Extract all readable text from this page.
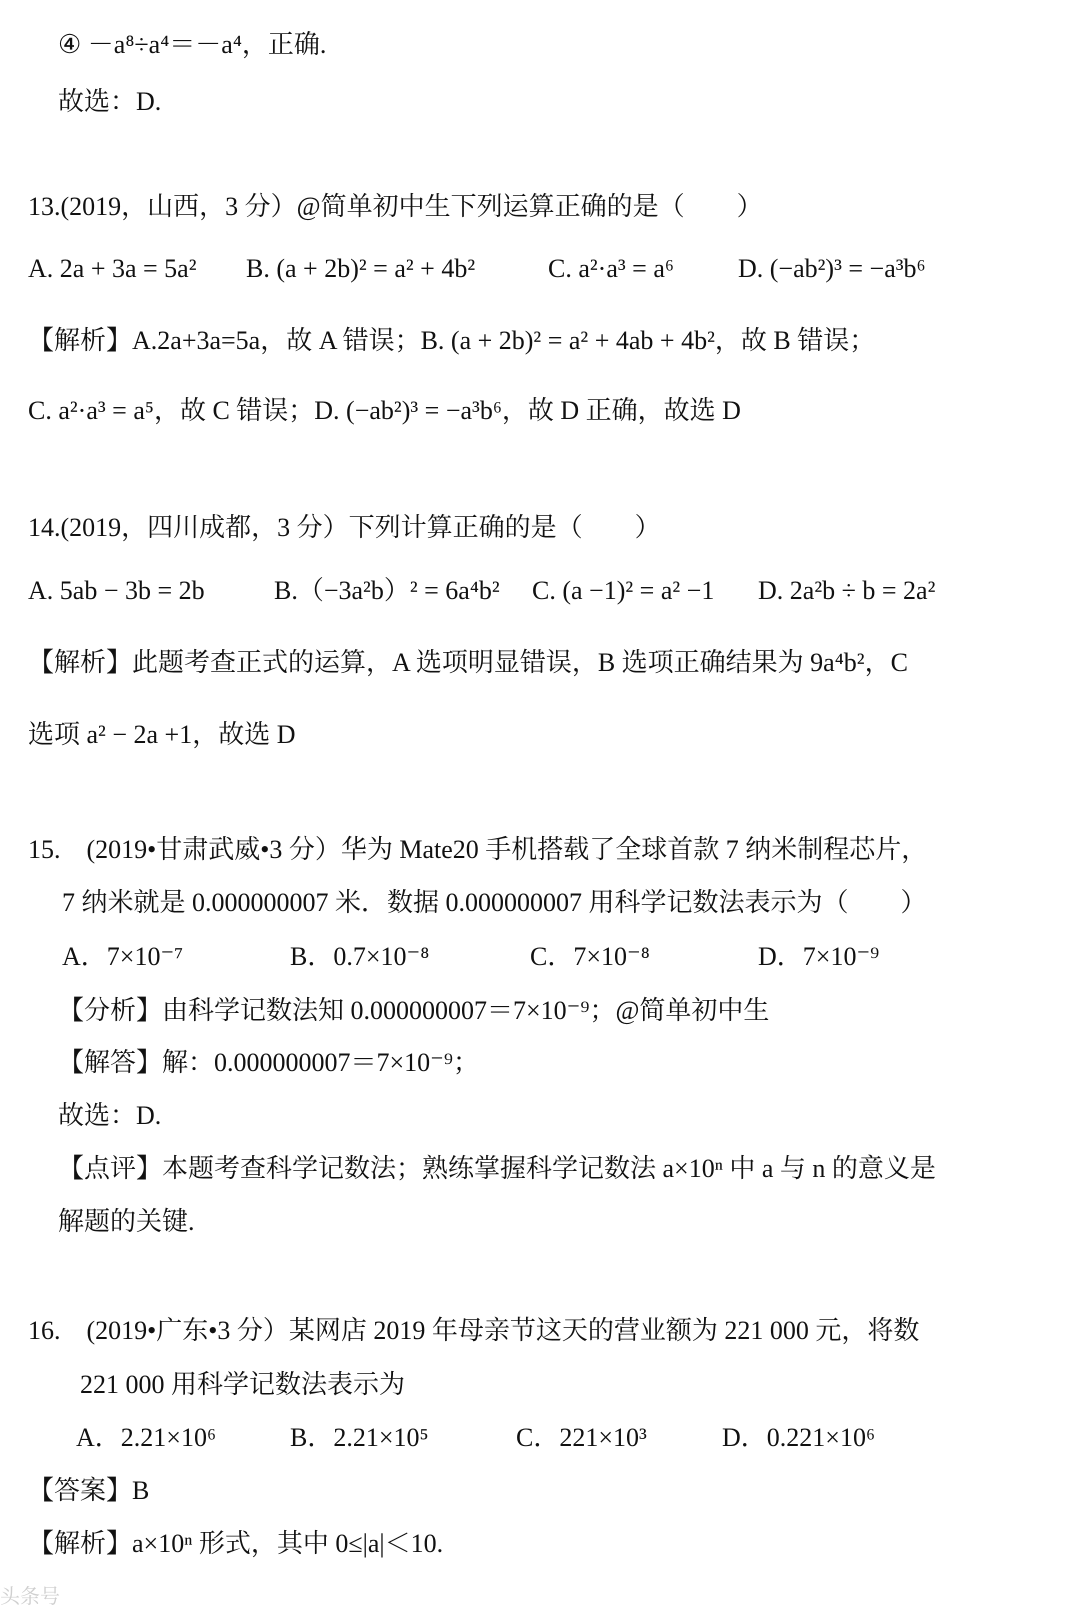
④ －a⁸÷a⁴＝－a⁴，正确.
故选：D.
13.(2019，山西，3 分）@简单初中生下列运算正确的是（　　）
A. 2a + 3a = 5a² B. (a + 2b)² = a² + 4b²	C. a²·a³ = a⁶ D. (−ab²)³ = −a³b⁶
【解析】A.2a+3a=5a，故 A 错误；B. (a + 2b)² = a² + 4ab + 4b²，故 B 错误；
C. a²·a³ = a⁵，故 C 错误；D. (−ab²)³ = −a³b⁶，故 D 正确，故选 D
14.(2019，四川成都，3 分）下列计算正确的是（　　）
A. 5ab − 3b = 2b	B.（−3a²b）² = 6a⁴b² C. (a −1)² = a² −1 D. 2a²b ÷ b = 2a²
【解析】此题考查正式的运算，A 选项明显错误，B 选项正确结果为 9a⁴b²，C
选项 a² − 2a +1，故选 D
15.　(2019•甘肃武威•3 分）华为 Mate20 手机搭载了全球首款 7 纳米制程芯片，
7 纳米就是 0.000000007 米．数据 0.000000007 用科学记数法表示为（　　）
A．7×10⁻⁷	B．0.7×10⁻⁸	C．7×10⁻⁸	D．7×10⁻⁹
【分析】由科学记数法知 0.000000007＝7×10⁻⁹；@简单初中生
【解答】解：0.000000007＝7×10⁻⁹；
故选：D.
【点评】本题考查科学记数法；熟练掌握科学记数法 a×10ⁿ 中 a 与 n 的意义是
解题的关键.
16.　(2019•广东•3 分）某网店 2019 年母亲节这天的营业额为 221 000 元，将数
221 000 用科学记数法表示为
A．2.21×10⁶	B．2.21×10⁵	C．221×10³	D．0.221×10⁶
【答案】B
【解析】a×10ⁿ 形式，其中 0≤|a|＜10.
头条号
